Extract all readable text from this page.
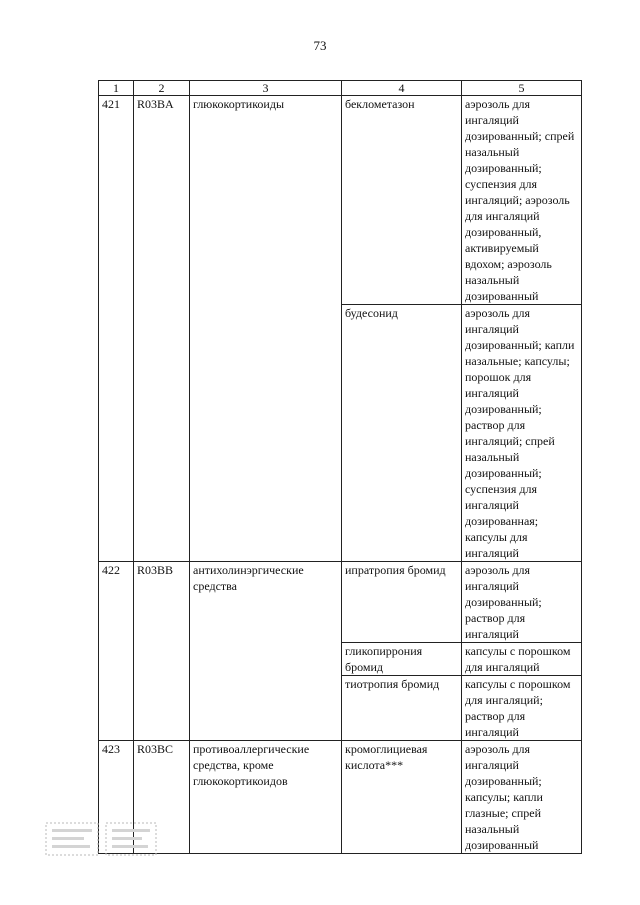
73
1	2	3	4	5
421	R03BA	глюкокортикоиды	беклометазон	аэрозоль для ингаляций дозированный; спрей назальный дозированный; суспензия для ингаляций; аэрозоль для ингаляций дозированный, активируемый вдохом; аэрозоль назальный дозированный
			будесонид	аэрозоль для ингаляций дозированный; капли назальные; капсулы; порошок для ингаляций дозированный; раствор для ингаляций; спрей назальный дозированный; суспензия для ингаляций дозированная; капсулы для ингаляций
422	R03BB	антихолинэргические средства	ипратропия бромид	аэрозоль для ингаляций дозированный; раствор для ингаляций
			гликопиррония бромид	капсулы с порошком для ингаляций
			тиотропия бромид	капсулы с порошком для ингаляций; раствор для ингаляций
423	R03BC	противоаллергические средства, кроме глюкокортикоидов	кромоглициевая кислота***	аэрозоль для ингаляций дозированный; капсулы; капли глазные; спрей назальный дозированный
